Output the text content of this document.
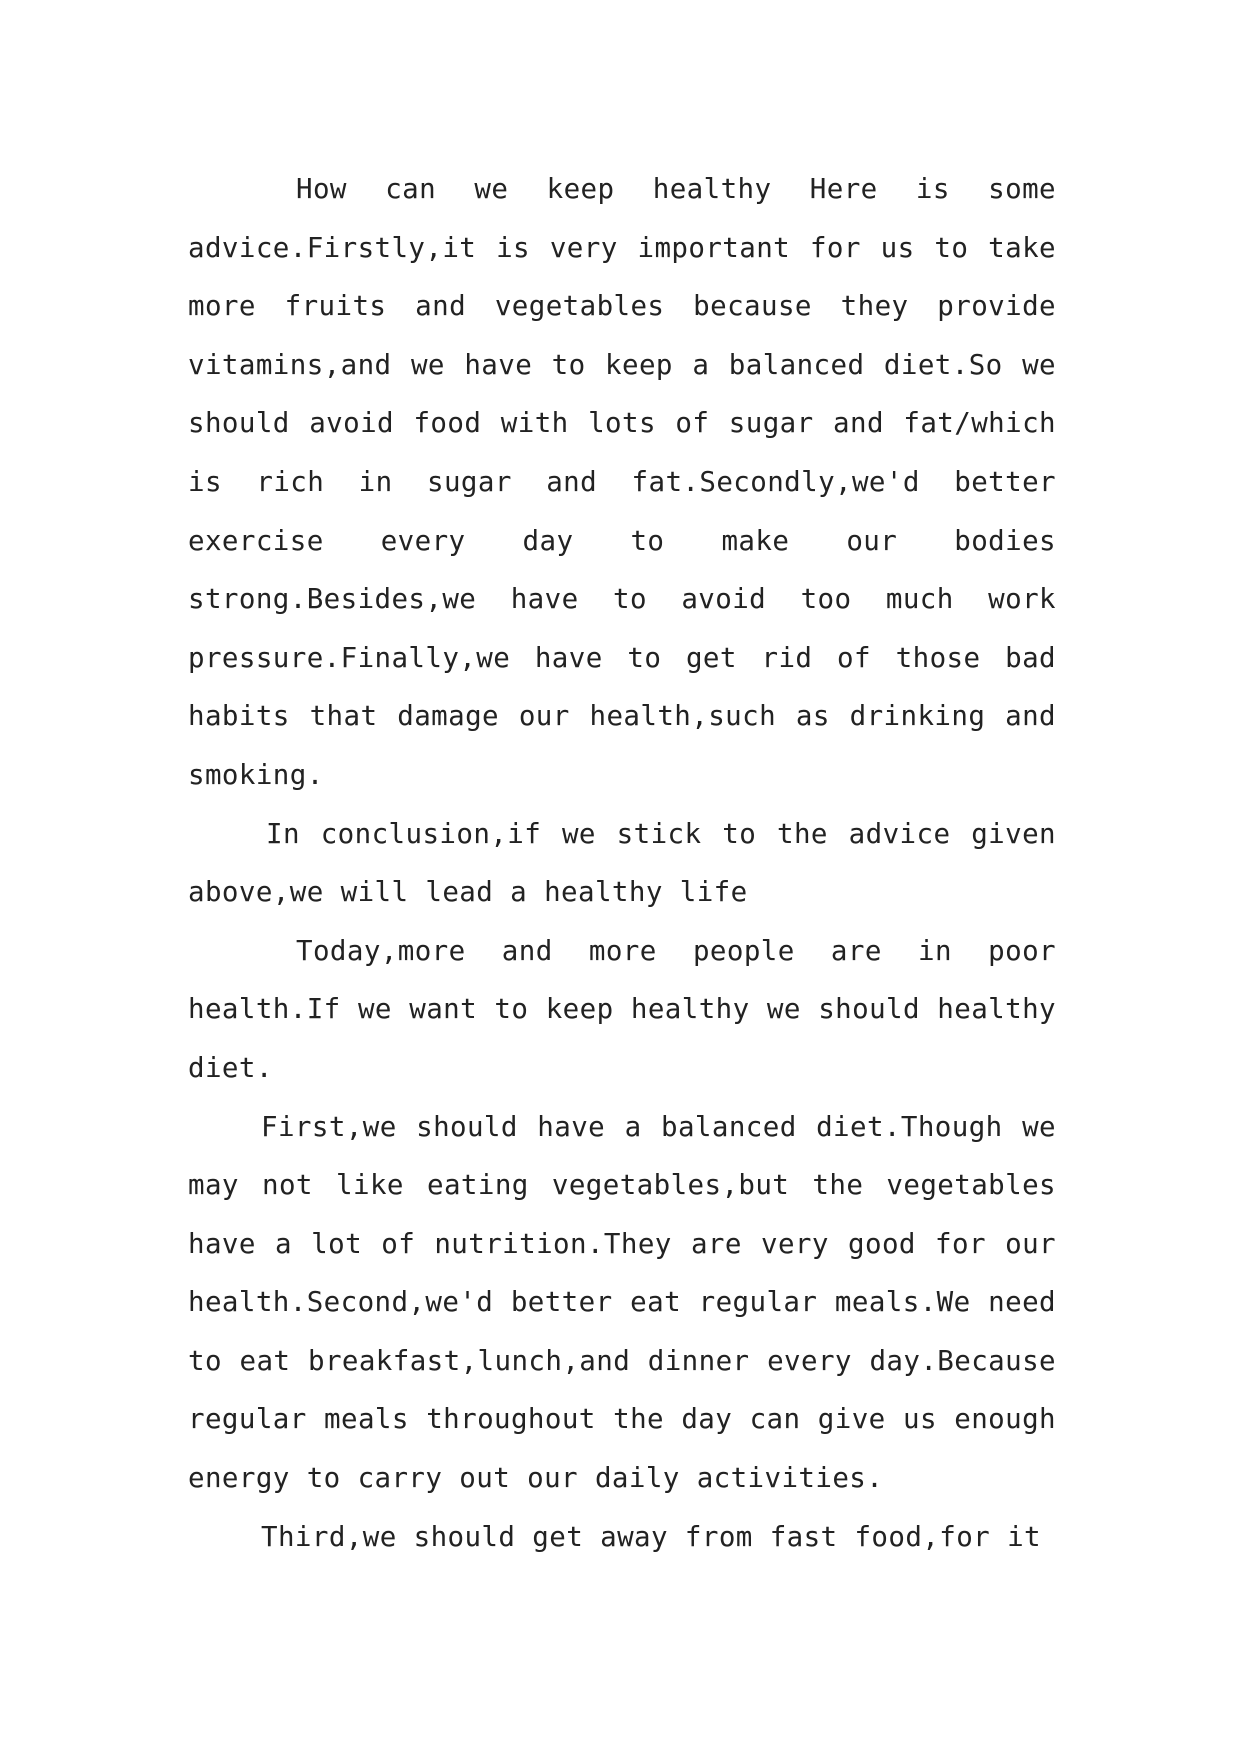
How can we keep healthy Here is some
advice.Firstly,it is very important for us to take
more fruits and vegetables because they provide
vitamins,and we have to keep a balanced diet.So we
should avoid food with lots of sugar and fat/which
is rich in sugar and fat.Secondly,we'd better
exercise every day to make our bodies
strong.Besides,we have to avoid too much work
pressure.Finally,we have to get rid of those bad
habits that damage our health,such as drinking and
smoking.
In conclusion,if we stick to the advice given
above,we will lead a healthy life
Today,more and more people are in poor
health.If we want to keep healthy we should healthy
diet.
First,we should have a balanced diet.Though we
may not like eating vegetables,but the vegetables
have a lot of nutrition.They are very good for our
health.Second,we'd better eat regular meals.We need
to eat breakfast,lunch,and dinner every day.Because
regular meals throughout the day can give us enough
energy to carry out our daily activities.
Third,we should get away from fast food,for it
